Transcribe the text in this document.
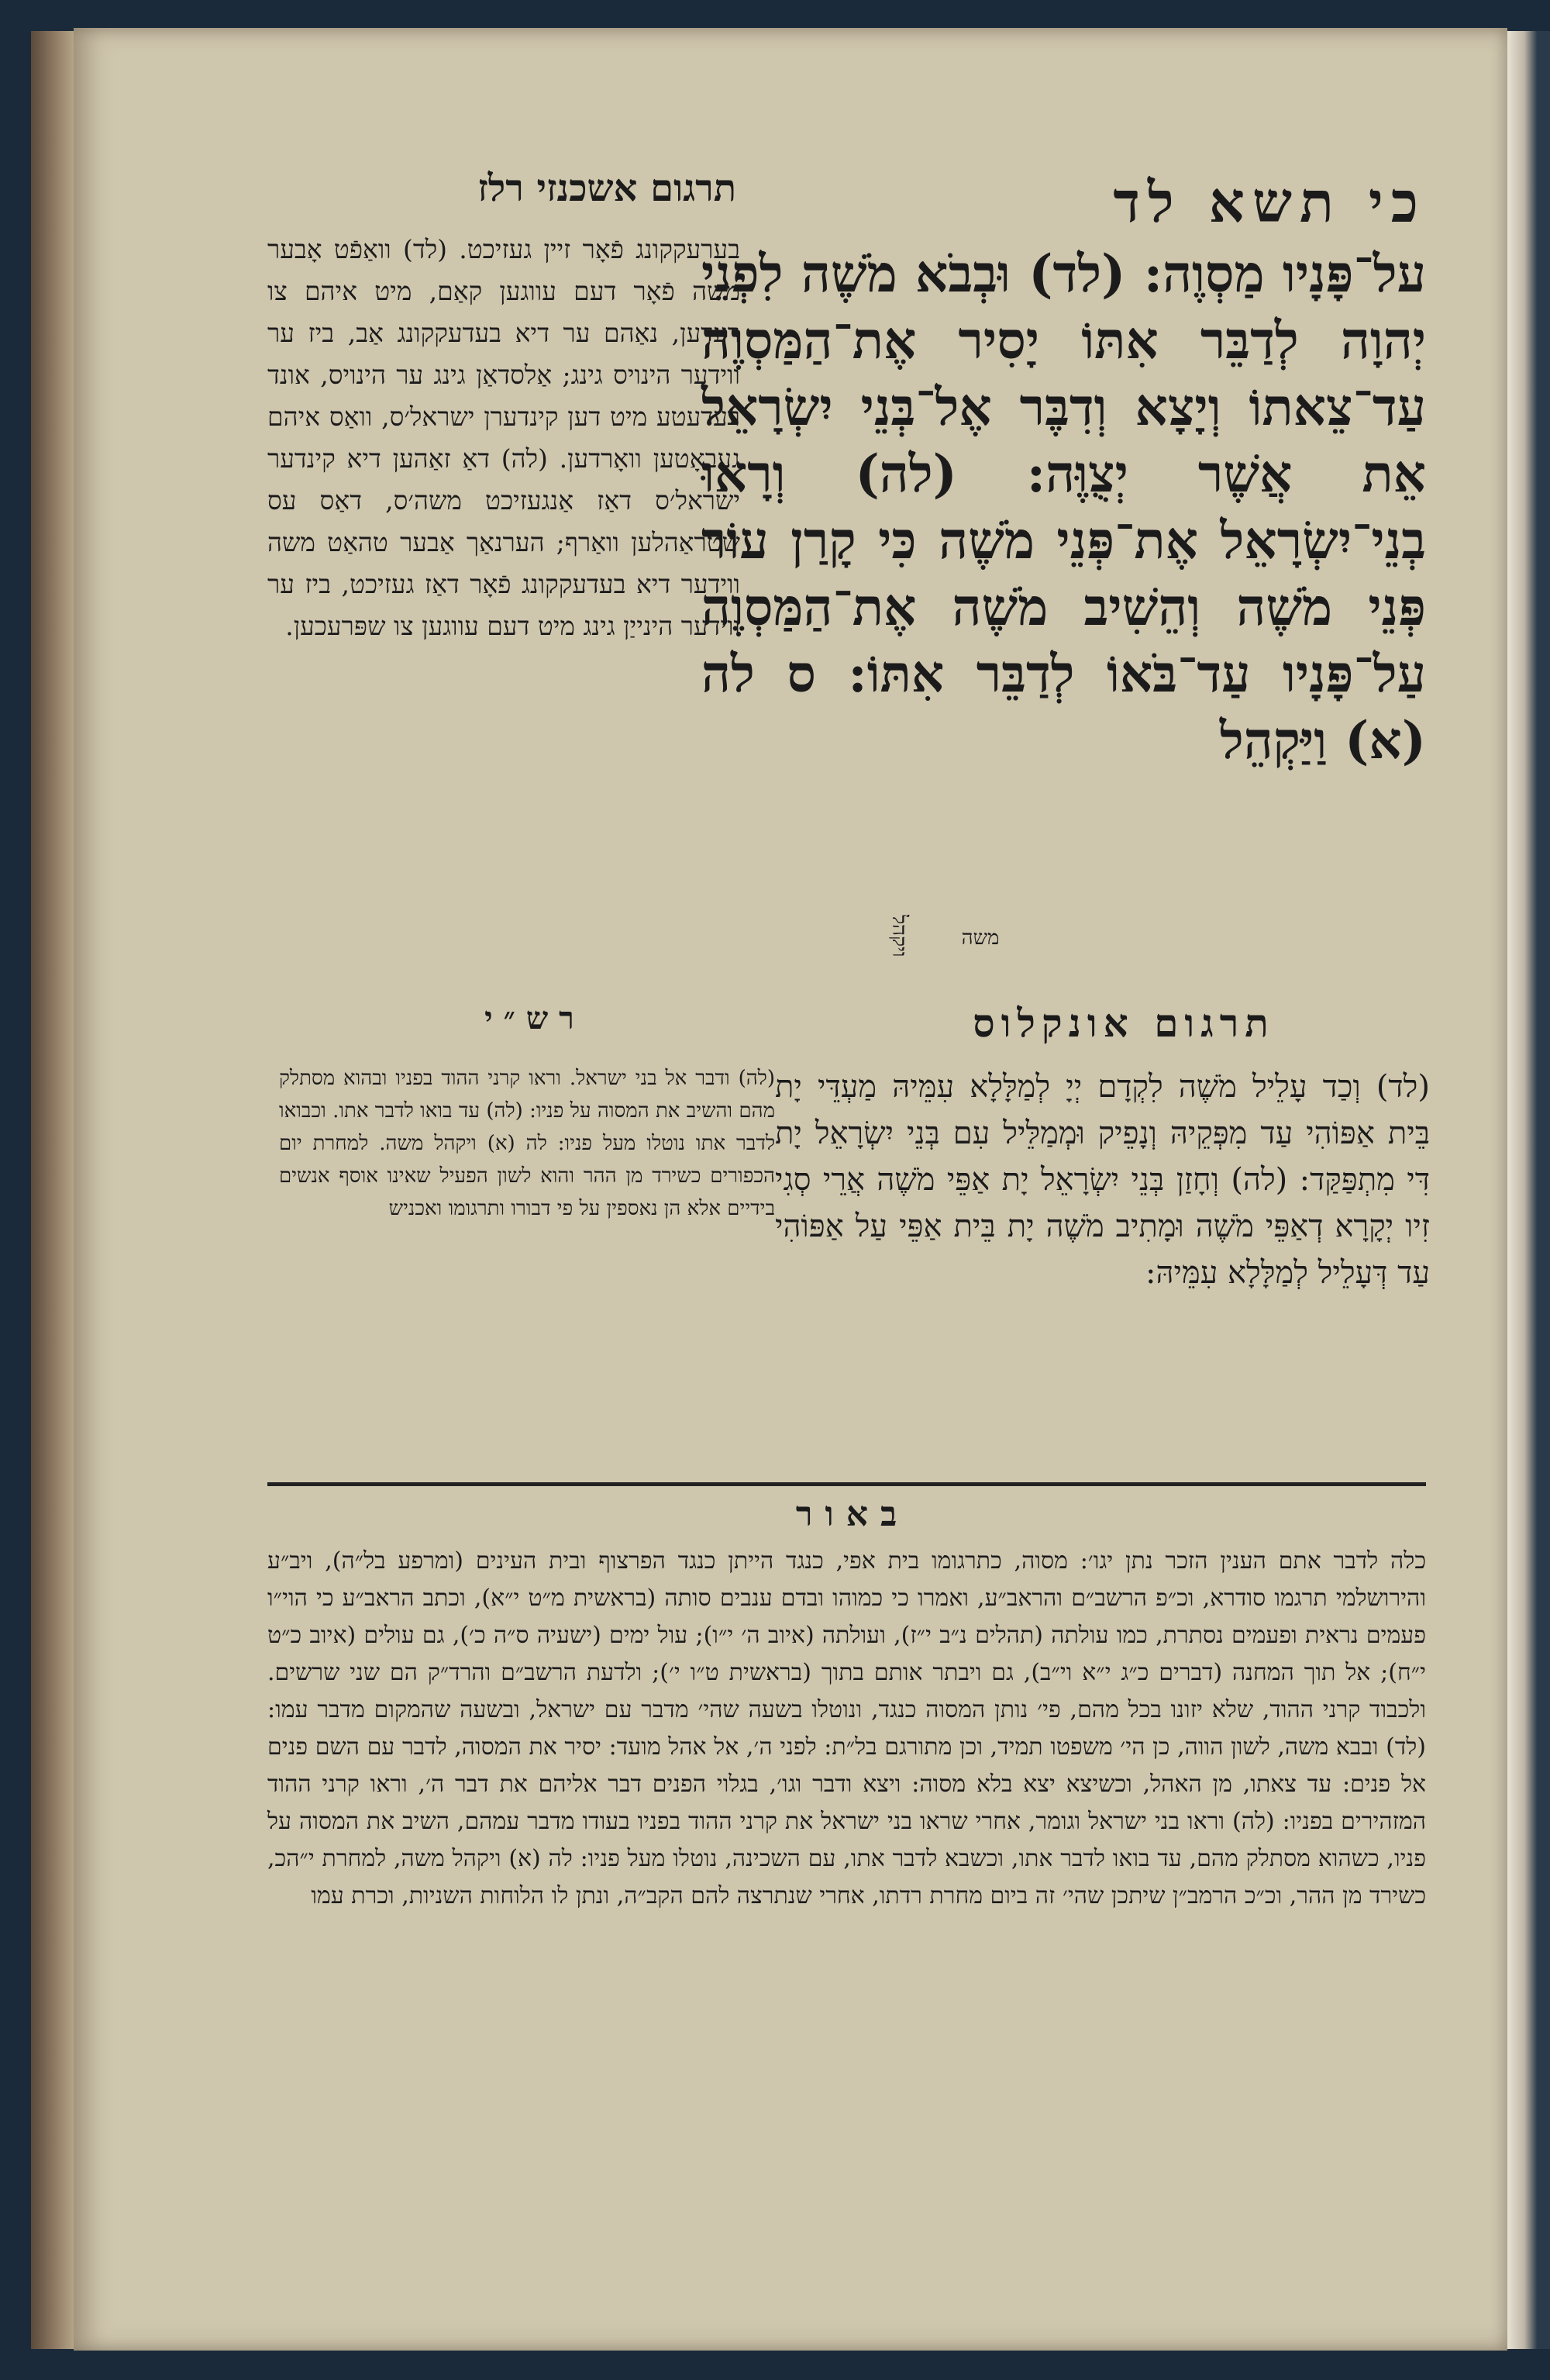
כי תשא לד
על־פָּנָיו מַסְוֶה: (לד) וּבְבֹא מֹשֶׁה לִפְנֵי יְהוָה לְדַבֵּר אִתּוֹ יָסִיר אֶת־הַמַּסְוֶה עַד־צֵאתוֹ וְיָצָא וְדִבֶּר אֶל־בְּנֵי יִשְׂרָאֵל אֵת אֲשֶׁר יְצֻוֶּה: (לה) וְרָאוּ בְנֵי־יִשְׂרָאֵל אֶת־פְּנֵי מֹשֶׁה כִּי קָרַן עוֹר פְּנֵי מֹשֶׁה וְהֵשִׁיב מֹשֶׁה אֶת־הַמַּסְוֶה עַל־פָּנָיו עַד־בֹּאוֹ לְדַבֵּר אִתּוֹ: ס לה (א) וַיַּקְהֵל
משה
ויקהל
תרגום אשכנזי רלז
בערעקקונג פֿאָר זיין געזיכט. (לד) וואַפֿט אָבער משה פֿאָר דעם עווגען קאַם, מיט איהם צו רעדען, נאַהם ער דיא בעדעקקונג אַב, ביז ער ווידער הינויס גינג; אַלסדאַן גינג ער הינויס, אונד רעדעטע מיט דען קינדערן ישראל׳ס, וואַס איהם געבאָטען וואָרדען. (לה) דאַ זאַהען דיא קינדער ישראל׳ס דאַז אַנגעזיכט משה׳ס, דאַס עס שטראַהלען וואַרף; הערנאַך אַבער טהאַט משה ווידער דיא בעדעקקונג פֿאָר דאַז געזיכט, ביז ער ווידער הינייַן גינג מיט דעם עווגען צו שפּרעכען.
תרגום אונקלוס
(לד) וְכַד עָלֵיל מֹשֶׁה לִקְדָם יְיָ לְמַלָּלָא עִמֵּיהּ מַעְדֵּי יָת בֵּית אַפּוֹהִי עַד מִפְּקֵיהּ וְנָפֵיק וּמְמַלֵּיל עִם בְּנֵי יִשְׂרָאֵל יָת דִּי מִתְפַּקַּד: (לה) וְחָזַן בְּנֵי יִשְׂרָאֵל יָת אַפֵּי מֹשֶׁה אֲרֵי סְגִי זִיו יְקָרָא דְאַפֵּי מֹשֶׁה וּמָתִיב מֹשֶׁה יָת בֵּית אַפֵּי עַל אַפּוֹהִי עַד דְּעָלֵיל לְמַלָּלָא עִמֵּיהּ:
רש״י
(לה) ודבר אל בני ישראל. וראו קרני ההוד בפניו ובהוא מסתלק מהם והשיב את המסוה על פניו: (לה) עד בואו לדבר אתו. וכבואו לדבר אתו נוטלו מעל פניו: לה (א) ויקהל משה. למחרת יום הכפורים כשירד מן ההר והוא לשון הפעיל שאינו אוסף אנשים בידיים אלא הן נאספין על פי דבורו ותרגומו ואכניש
באור
כלה לדבר אתם הענין הזכר נתן יגו׳: מסוה, כתרגומו בית אפי, כנגד הייתן כנגד הפרצוף ובית העינים (ומרפע בל״ה), ויב״ע והירושלמי תרגמו סודרא, וכ״פ הרשב״ם והראב״ע, ואמרו כי כמוהו ובדם ענבים סותה (בראשית מ״ט י״א), וכתב הראב״ע כי הוי״ו פעמים נראית ופעמים נסתרת, כמו עולתה (תהלים נ״ב י״ז), ועולתה (איוב ה׳ י״ו); עול ימים (ישעיה ס״ה כ׳), גם עולים (איוב כ״ט י״ח); אל תוך המחנה (דברים כ״ג י״א וי״ב), גם ויבתר אותם בתוך (בראשית ט״ו י׳); ולדעת הרשב״ם והרד״ק הם שני שרשים. ולכבוד קרני ההוד, שלא יזונו בכל מהם, פי׳ נותן המסוה כנגד, ונוטלו בשעה שהי׳ מדבר עם ישראל, ובשעה שהמקום מדבר עמו: (לד) ובבא משה, לשון הווה, כן הי׳ משפטו תמיד, וכן מתורגם בל״ת: לפני ה׳, אל אהל מועד: יסיר את המסוה, לדבר עם השם פנים אל פנים: עד צאתו, מן האהל, וכשיצא יצא בלא מסוה: ויצא ודבר וגו׳, בגלוי הפנים דבר אליהם את דבר ה׳, וראו קרני ההוד המזהירים בפניו: (לה) וראו בני ישראל וגומר, אחרי שראו בני ישראל את קרני ההוד בפניו בעודו מדבר עמהם, השיב את המסוה על פניו, כשהוא מסתלק מהם, עד בואו לדבר אתו, וכשבא לדבר אתו, עם השכינה, נוטלו מעל פניו: לה (א) ויקהל משה, למחרת י״הכ, כשירד מן ההר, וכ״כ הרמב״ן שיתכן שהי׳ זה ביום מחרת רדתו, אחרי שנתרצה להם הקב״ה, ונתן לו הלוחות השניות, וכרת עמו
